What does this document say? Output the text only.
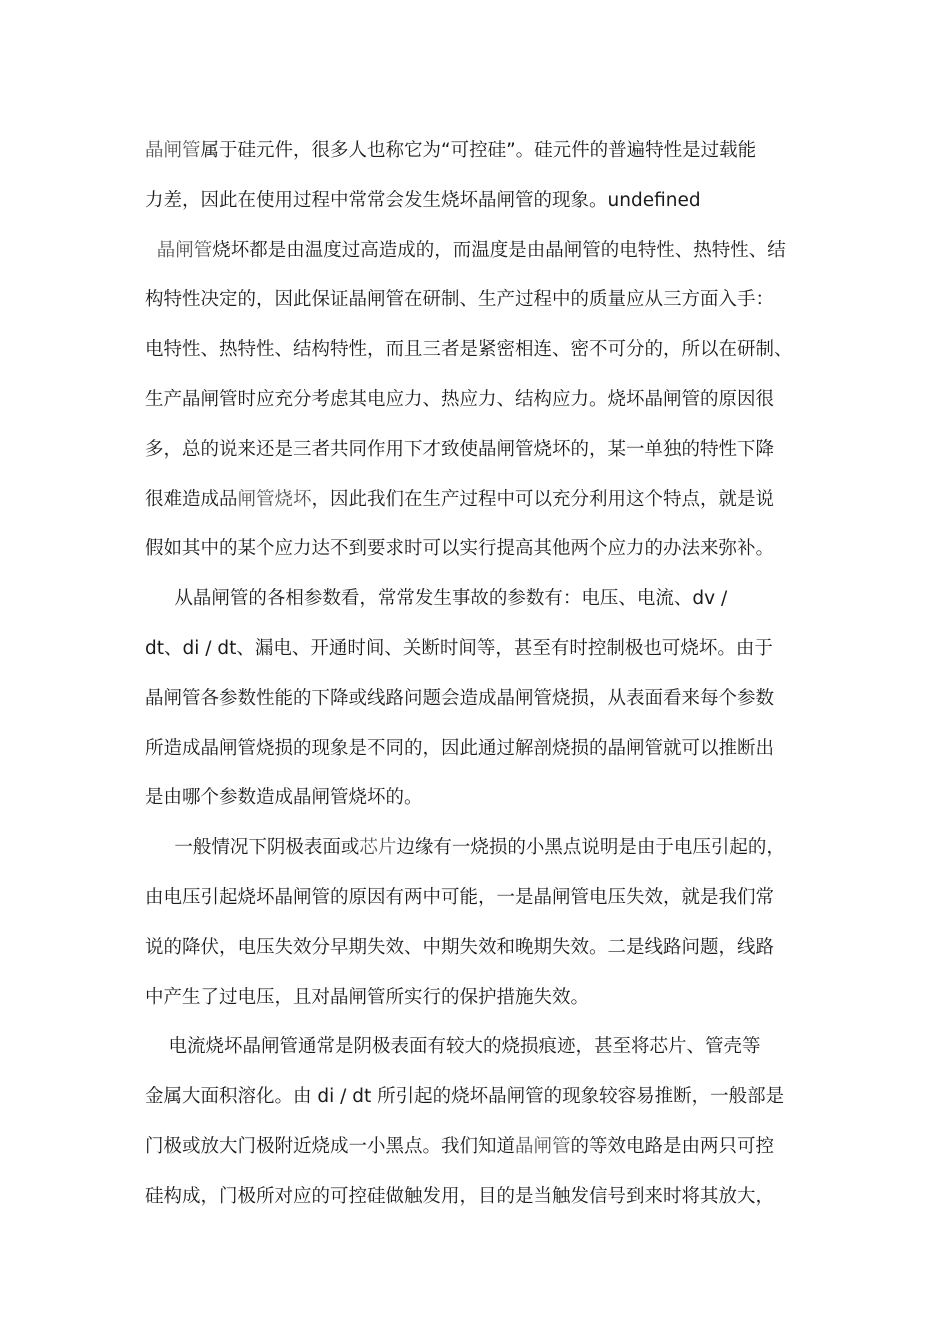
晶闸管属于硅元件，很多人也称它为“可控硅”。硅元件的普遍特性是过载能
力差，因此在使用过程中常常会发生烧坏晶闸管的现象。undefined
晶闸管烧坏都是由温度过高造成的，而温度是由晶闸管的电特性、热特性、结
构特性决定的，因此保证晶闸管在研制、生产过程中的质量应从三方面入手：
电特性、热特性、结构特性，而且三者是紧密相连、密不可分的，所以在研制、
生产晶闸管时应充分考虑其电应力、热应力、结构应力。烧坏晶闸管的原因很
多，总的说来还是三者共同作用下才致使晶闸管烧坏的，某一单独的特性下降
很难造成品闸管烧坏，因此我们在生产过程中可以充分利用这个特点，就是说
假如其中的某个应力达不到要求时可以实行提高其他两个应力的办法来弥补。
从晶闸管的各相参数看，常常发生事故的参数有：电压、电流、dv /
dt、di / dt、漏电、开通时间、关断时间等，甚至有时控制极也可烧坏。由于
晶闸管各参数性能的下降或线路问题会造成晶闸管烧损，从表面看来每个参数
所造成晶闸管烧损的现象是不同的，因此通过解剖烧损的晶闸管就可以推断出
是由哪个参数造成晶闸管烧坏的。
一般情况下阴极表面或芯片边缘有一烧损的小黑点说明是由于电压引起的，
由电压引起烧坏晶闸管的原因有两中可能，一是晶闸管电压失效，就是我们常
说的降伏，电压失效分早期失效、中期失效和晚期失效。二是线路问题，线路
中产生了过电压，且对晶闸管所实行的保护措施失效。
电流烧坏晶闸管通常是阴极表面有较大的烧损痕迹，甚至将芯片、管壳等
金属大面积溶化。由 di / dt 所引起的烧坏晶闸管的现象较容易推断，一般部是
门极或放大门极附近烧成一小黑点。我们知道晶闸管的等效电路是由两只可控
硅构成，门极所对应的可控硅做触发用，目的是当触发信号到来时将其放大，
